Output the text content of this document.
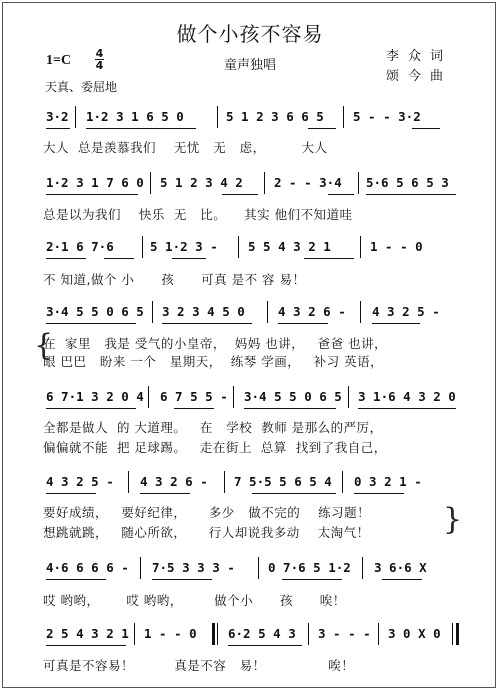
做个小孩不容易
1=C 4
4	童声独唱
李众词
颂今曲
天真、委屈地
3·2 1·2 3 1 6 5 0	5 1 2 3 6 6 5 5 - - 3·2
大人  总是羡慕我们    无忧   无   虑，        大人
1·2 3 1 7 6 0 5 1 2 3 4 2 2 - - 3·4 5·6 5 6 5 3
总是以为我们    快乐  无   比。    其实 他们不知道哇
2·1 6 7·6	5 1·2 3 - 5 5 4 3 2 1	1 - - 0
不 知道,做个 小      孩      可真 是不 容 易！
3·4 5 5 0 6 5 3 2 3 4 5 0	4 3 2 6 - 4 3 2 5 -
{
在  家里   我是 受气的小皇帝，  妈妈 也讲，   爸爸 也讲，
眼 巴巴   盼来 一个   星期天，  练琴 学画，   补习 英语，
6 7·1 3 2 0 4 6 7 5 5 - 3·4 5 5 0 6 5 3 1·6 4 3 2 0
全都是做人  的 大道理。   在   学校  教师 是那么的严厉，
偏偏就不能  把 足球踢。   走在街上  总算  找到了我自己，
4 3 2 5 - 4 3 2 6 - 7 5·5 5 6 5 4 0 3 2 1 -
要好成绩，   要好纪律，     多少   做不完的    练习题！
想跳就跳，   随心所欲，     行人却说我多动    太淘气！	}
4·6 6 6 6 - 7·5 3 3 3 -	0 7·6 5 1·2 3 6·6 X
哎 哟哟，      哎 哟哟，       做个小      孩      唉！
2 5 4 3 2 1 1 - - 0	6·2 5 4 3 3 - - - 3 0 X 0
可真是不容易！         真是不容   易！              唉！
